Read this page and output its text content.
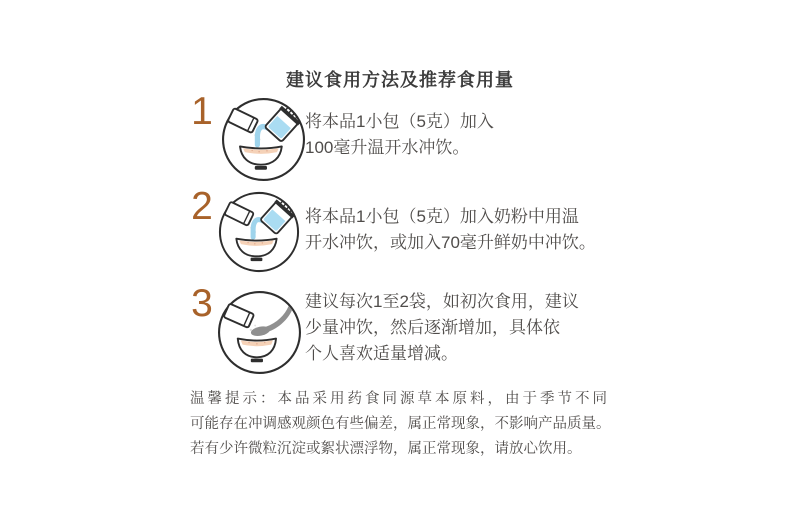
建议食用方法及推荐食用量
1	将本品1小包（5克）加入
100毫升温开水冲饮。
2	将本品1小包（5克）加入奶粉中用温
开水冲饮，或加入70毫升鲜奶中冲饮。
3	建议每次1至2袋，如初次食用，建议
少量冲饮，然后逐渐增加，具体依
个人喜欢适量增减。
温馨提示：本品采用药食同源草本原料，由于季节不同
可能存在冲调感观颜色有些偏差，属正常现象，不影响产品质量。
若有少许微粒沉淀或絮状漂浮物，属正常现象，请放心饮用。
